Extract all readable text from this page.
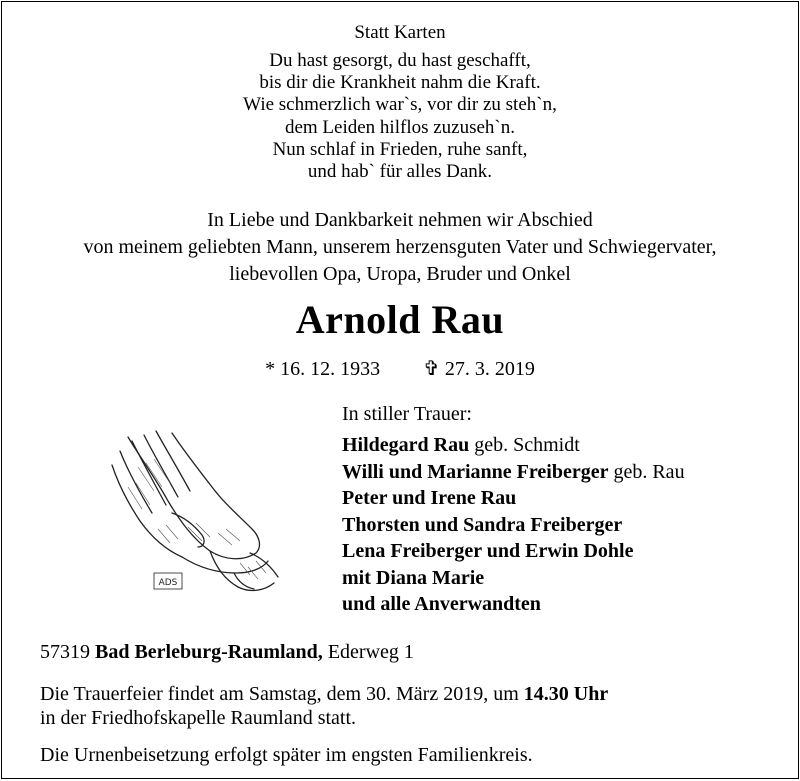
Statt Karten
Du hast gesorgt, du hast geschafft,
bis dir die Krankheit nahm die Kraft.
Wie schmerzlich war`s, vor dir zu steh`n,
dem Leiden hilflos zuzuseh`n.
Nun schlaf in Frieden, ruhe sanft,
und hab` für alles Dank.
In Liebe und Dankbarkeit nehmen wir Abschied
von meinem geliebten Mann, unserem herzensguten Vater und Schwiegervater,
liebevollen Opa, Uropa, Bruder und Onkel
Arnold Rau
* 16. 12. 1933 ✞ 27. 3. 2019
ADS
In stiller Trauer:
Hildegard Rau geb. Schmidt
Willi und Marianne Freiberger geb. Rau
Peter und Irene Rau
Thorsten und Sandra Freiberger
Lena Freiberger und Erwin Dohle
mit Diana Marie
und alle Anverwandten
57319 Bad Berleburg-Raumland, Ederweg 1
Die Trauerfeier findet am Samstag, dem 30. März 2019, um 14.30 Uhr
in der Friedhofskapelle Raumland statt.
Die Urnenbeisetzung erfolgt später im engsten Familienkreis.
